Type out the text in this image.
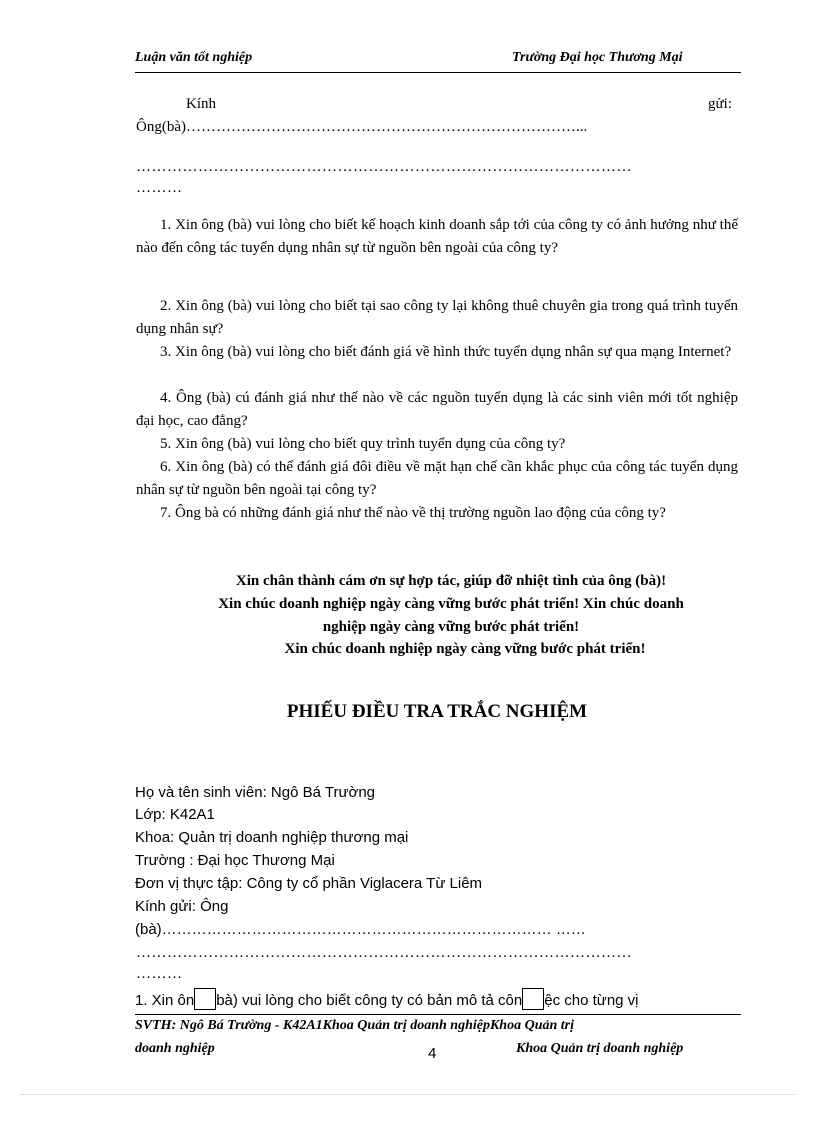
Luận văn tốt nghiệp	Trường Đại học Thương Mại
Kính	gửi:
Ông(bà)……………………………………………………………………...
……………………………………………………………………………………
………
1. Xin ông (bà) vui lòng cho biết kế hoạch kinh doanh sắp tới của công ty có ảnh hưởng như thế nào đến công tác tuyển dụng nhân sự từ nguồn bên ngoài của công ty?
2. Xin ông (bà) vui lòng cho biết tại sao công ty lại không thuê chuyên gia trong quá trình tuyển dụng nhân sự?
3. Xin ông (bà) vui lòng cho biết đánh giá về hình thức tuyển dụng nhân sự qua mạng Internet?
4. Ông (bà) cú đánh giá như thế nào về các nguồn tuyển dụng là các sinh viên mới tốt nghiệp đại học, cao đẳng?
5. Xin ông (bà) vui lòng cho biết quy trình tuyển dụng của công ty?
6. Xin ông (bà) có thể đánh giá đôi điều về mặt hạn chế cần khắc phục của công tác tuyển dụng nhân sự từ nguồn bên ngoài tại công ty?
7. Ông bà có những đánh giá như thế nào về thị trường nguồn lao động của công ty?
Xin chân thành cám ơn sự hợp tác, giúp đỡ nhiệt tình của ông (bà)!
Xin chúc doanh nghiệp ngày càng vững bước phát triển! Xin chúc doanh
nghiệp ngày càng vững bước phát triển!
Xin chúc doanh nghiệp ngày càng vững bước phát triển!
PHIẾU ĐIỀU TRA TRẮC NGHIỆM
Họ và tên sinh viên: Ngô Bá Trường
Lớp: K42A1
Khoa: Quản trị doanh nghiệp thương mại
Trường : Đại học Thương Mại
Đơn vị thực tập: Công ty cổ phần Viglacera Từ Liêm
Kính gửi: Ông
(bà)…………………………………………………………………… ……
……………………………………………………………………………………
………
1. Xin ôn bà) vui lòng cho biết công ty có bản mô tả côn ệc cho từng vị
SVTH: Ngô Bá Trường - K42A1Khoa Quản trị doanh nghiệpKhoa Quản trị
doanh nghiệp	4	Khoa Quản trị doanh nghiệp
